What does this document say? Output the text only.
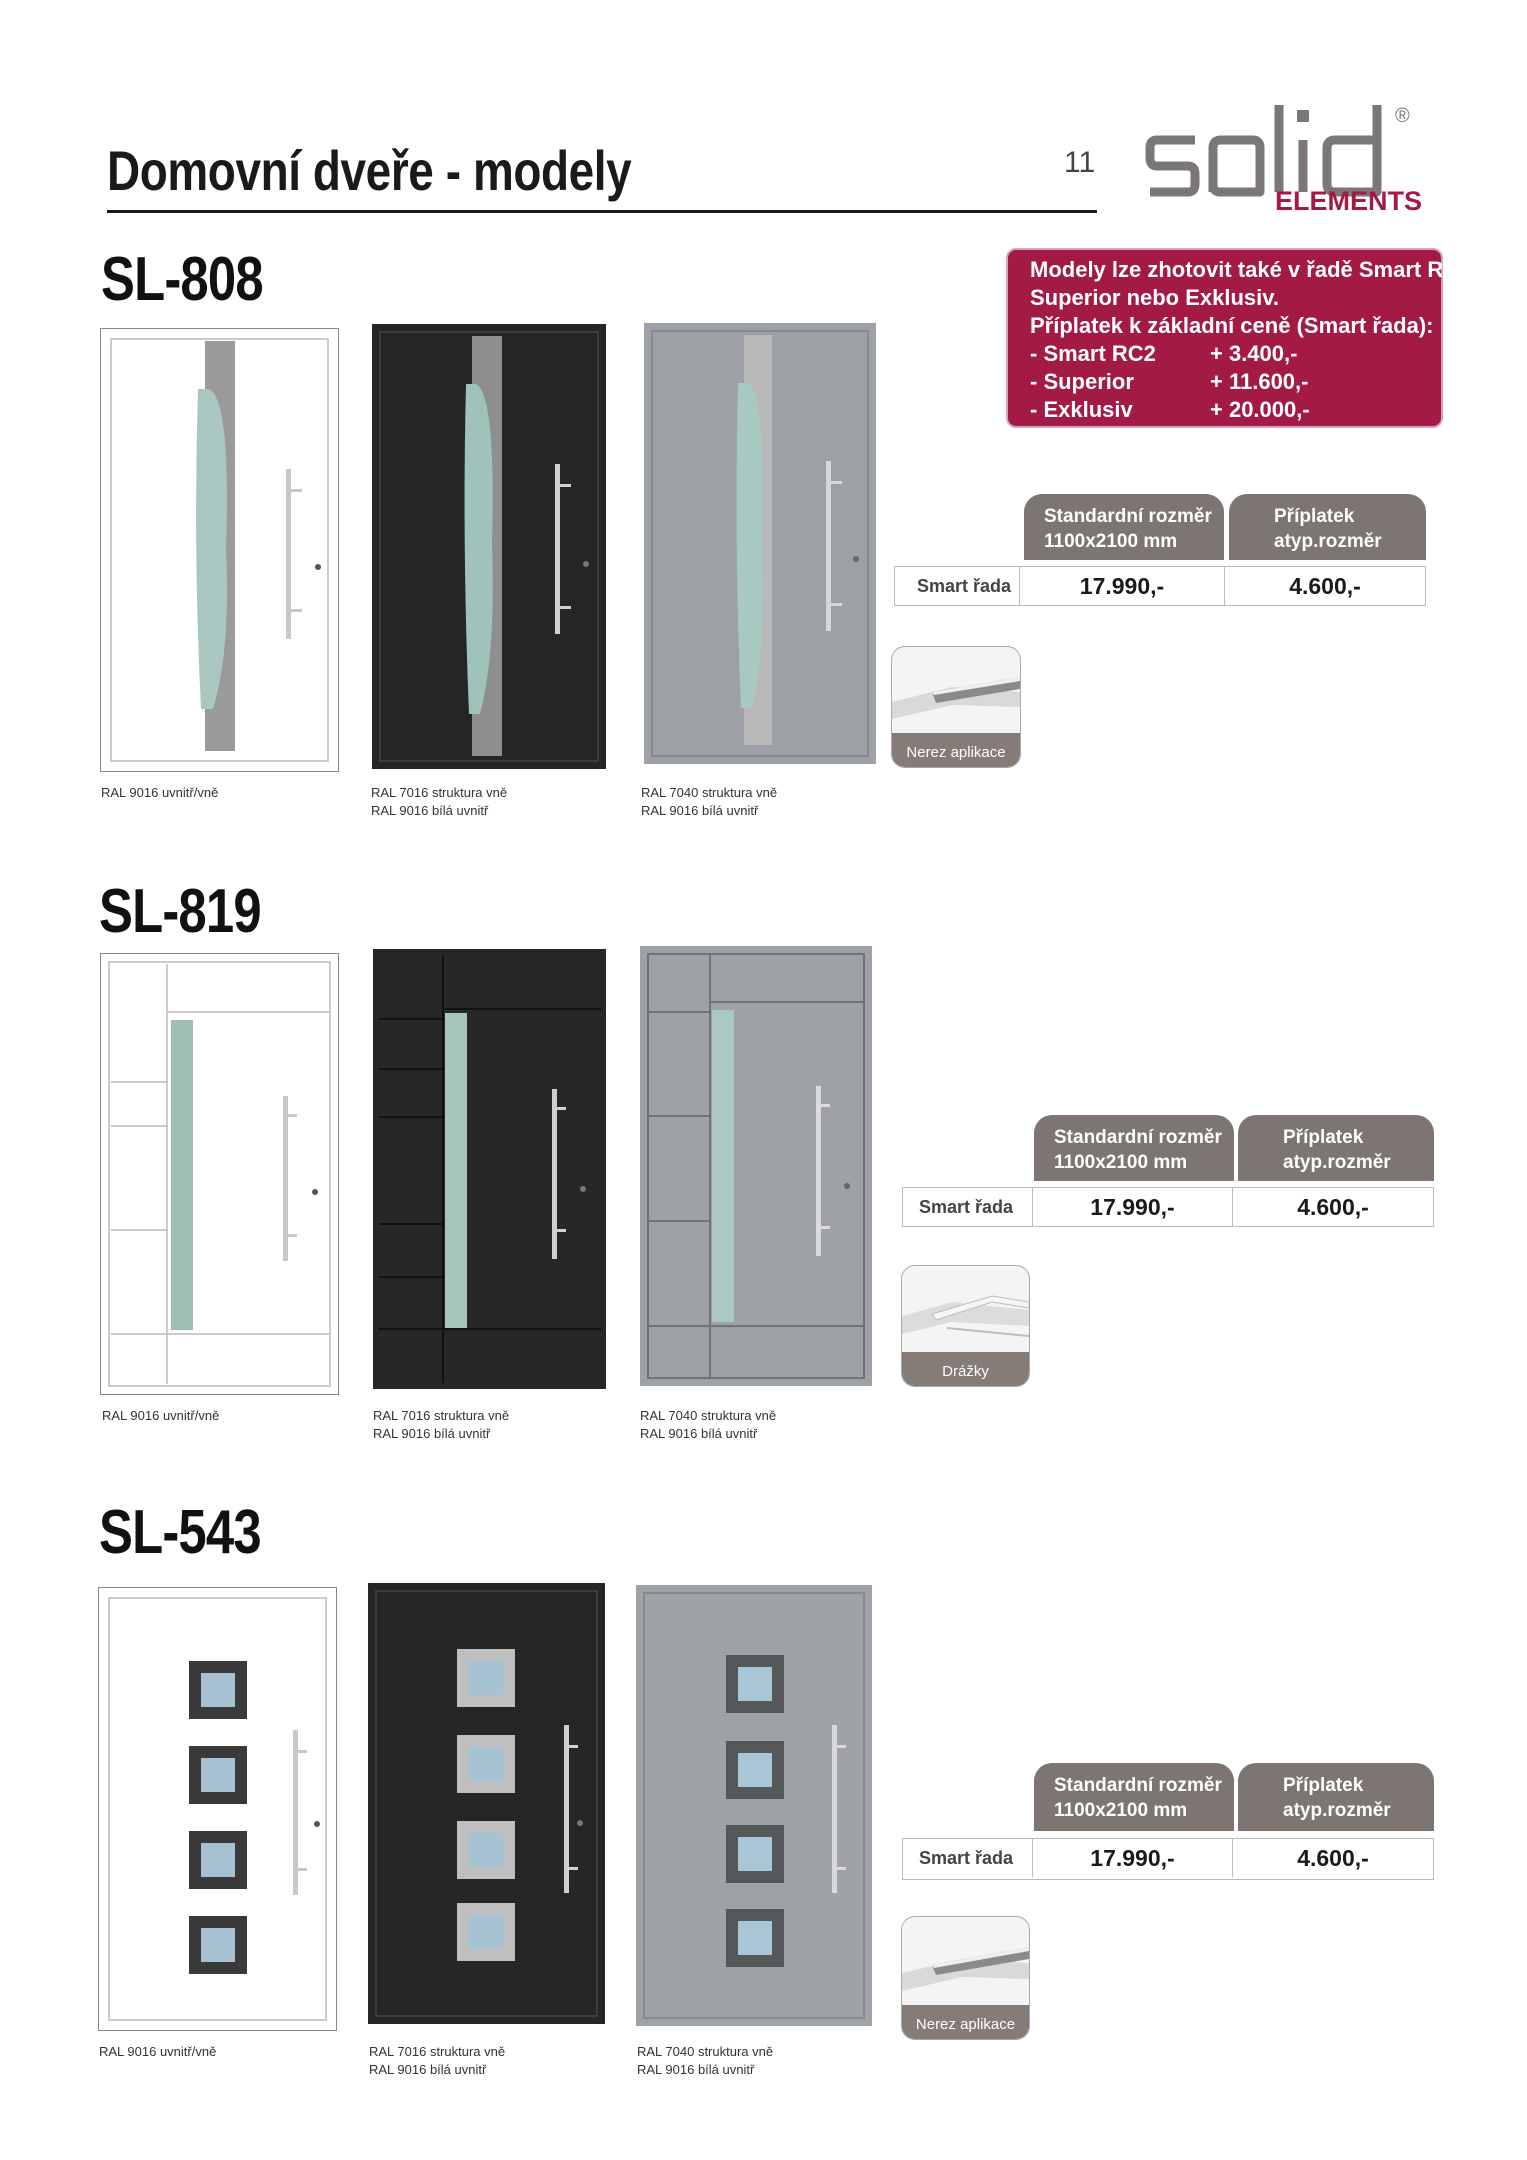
Domovní dveře - modely	11
®
ELEMENTS
Modely lze zhotovit také v řadě Smart RC2,
Superior nebo Exklusiv.
Příplatek k základní ceně (Smart řada):
- Smart RC2 + 3.400,-
- Superior	+ 11.600,-
- Exklusiv	+ 20.000,-
SL-808
RAL 9016 uvnitř/vně	RAL 7016 struktura vně
RAL 9016 bílá uvnitř
RAL 7040 struktura vně
RAL 9016 bílá uvnitř
Standardní rozměr
1100x2100 mm
Příplatek
atyp.rozměr
Smart řada	17.990,-	4.600,-
Nerez aplikace
SL-819
RAL 9016 uvnitř/vně	RAL 7016 struktura vně
RAL 9016 bílá uvnitř
RAL 7040 struktura vně
RAL 9016 bílá uvnitř
Standardní rozměr
1100x2100 mm
Příplatek
atyp.rozměr
Smart řada	17.990,-	4.600,-
Drážky
SL-543
RAL 9016 uvnitř/vně	RAL 7016 struktura vně
RAL 9016 bílá uvnitř
RAL 7040 struktura vně
RAL 9016 bílá uvnitř
Standardní rozměr
1100x2100 mm
Příplatek
atyp.rozměr
Smart řada	17.990,-	4.600,-
Nerez aplikace
